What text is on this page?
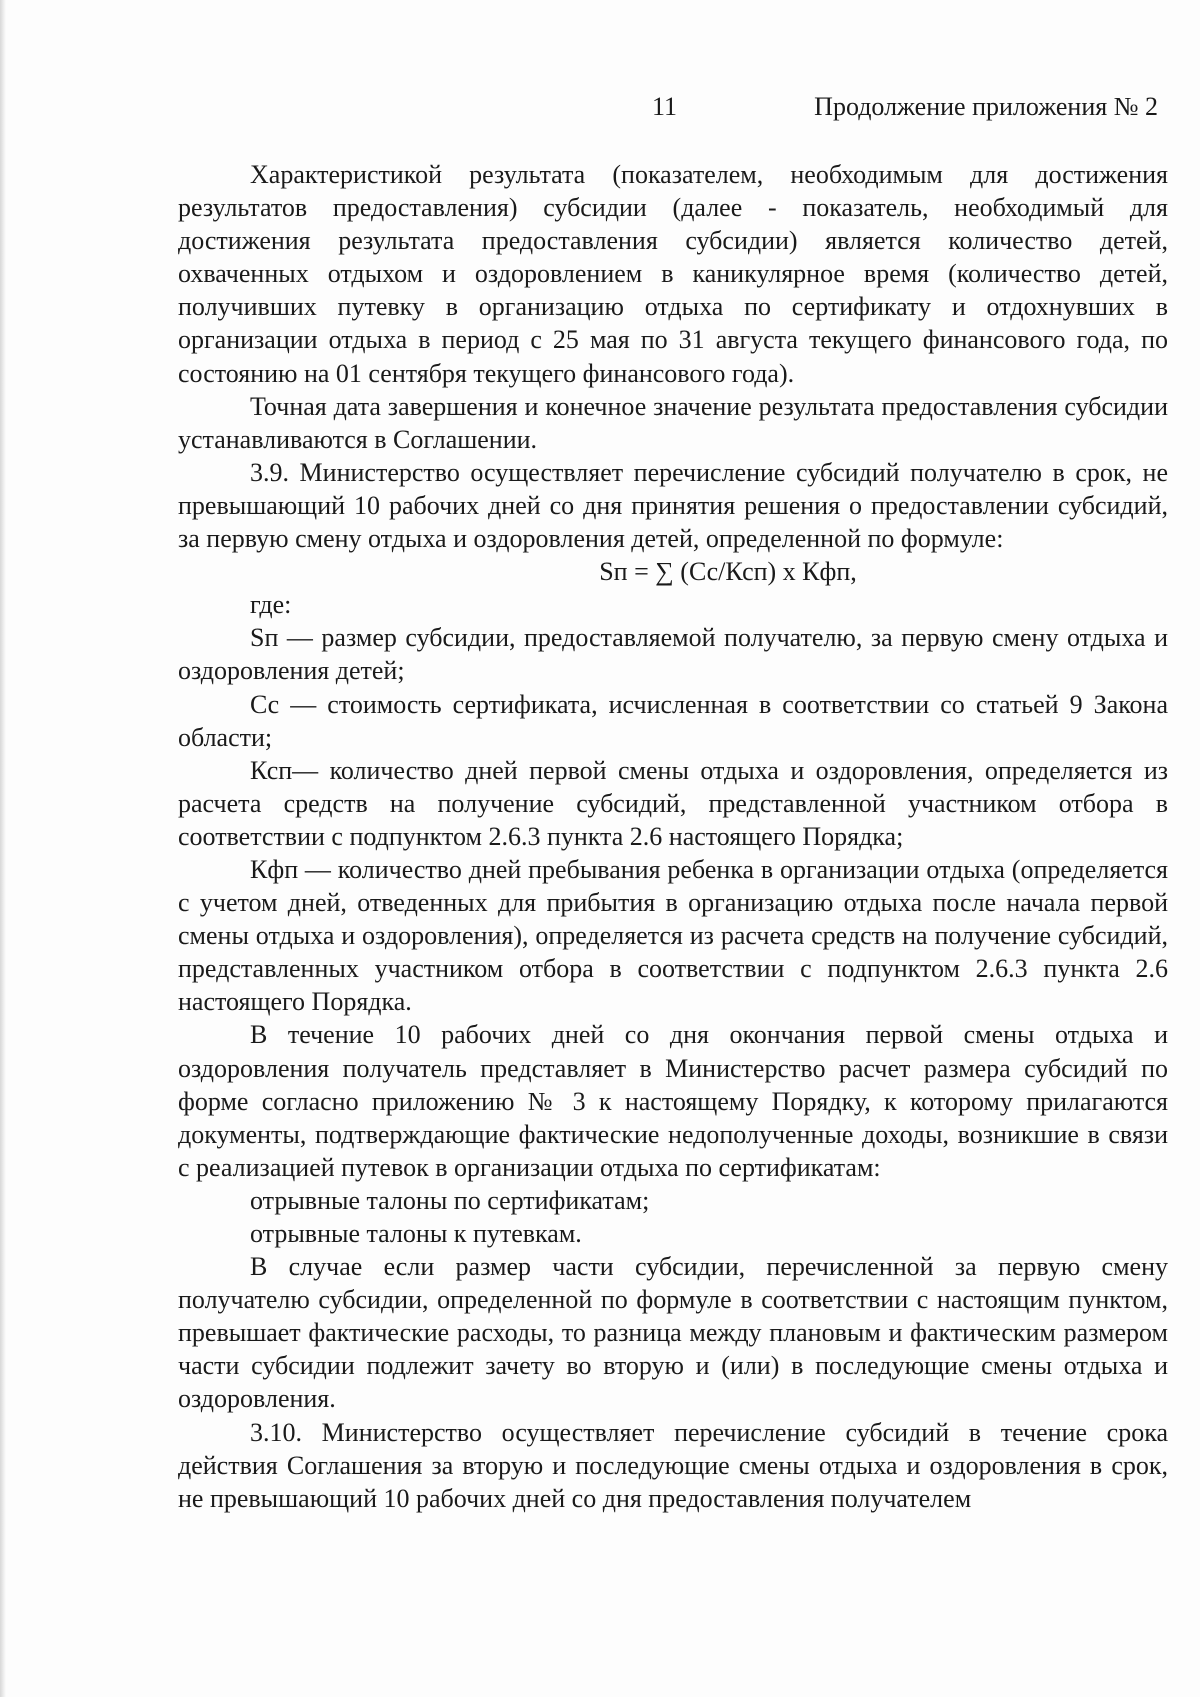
11	Продолжение приложения № 2

Характеристикой результата (показателем, необходимым для достижения результатов предоставления) субсидии (далее - показатель, необходимый для достижения результата предоставления субсидии) является количество детей, охваченных отдыхом и оздоровлением в каникулярное время (количество детей, получивших путевку в организацию отдыха по сертификату и отдохнувших в организации отдыха в период с 25 мая по 31 августа текущего финансового года, по состоянию на 01 сентября текущего финансового года).

Точная дата завершения и конечное значение результата предоставления субсидии устанавливаются в Соглашении.

3.9. Министерство осуществляет перечисление субсидий получателю в срок, не превышающий 10 рабочих дней со дня принятия решения о предоставлении субсидий, за первую смену отдыха и оздоровления детей, определенной по формуле:

Sп = ∑ (Сс/Ксп) х Кфп,

где:

Sп — размер субсидии, предоставляемой получателю, за первую смену отдыха и оздоровления детей;

Сс — стоимость сертификата, исчисленная в соответствии со статьей 9 Закона области;

Ксп— количество дней первой смены отдыха и оздоровления, определяется из расчета средств на получение субсидий, представленной участником отбора в соответствии с подпунктом 2.6.3 пункта 2.6 настоящего Порядка;

Кфп — количество дней пребывания ребенка в организации отдыха (определяется с учетом дней, отведенных для прибытия в организацию отдыха после начала первой смены отдыха и оздоровления), определяется из расчета средств на получение субсидий, представленных участником отбора в соответствии с подпунктом 2.6.3 пункта 2.6 настоящего Порядка.

В течение 10 рабочих дней со дня окончания первой смены отдыха и оздоровления получатель представляет в Министерство расчет размера субсидий по форме согласно приложению № 3 к настоящему Порядку, к которому прилагаются документы, подтверждающие фактические недополученные доходы, возникшие в связи с реализацией путевок в организации отдыха по сертификатам:

отрывные талоны по сертификатам;

отрывные талоны к путевкам.

В случае если размер части субсидии, перечисленной за первую смену получателю субсидии, определенной по формуле в соответствии с настоящим пунктом, превышает фактические расходы, то разница между плановым и фактическим размером части субсидии подлежит зачету во вторую и (или) в последующие смены отдыха и оздоровления.

3.10. Министерство осуществляет перечисление субсидий в течение срока действия Соглашения за вторую и последующие смены отдыха и оздоровления в срок, не превышающий 10 рабочих дней со дня предоставления получателем
